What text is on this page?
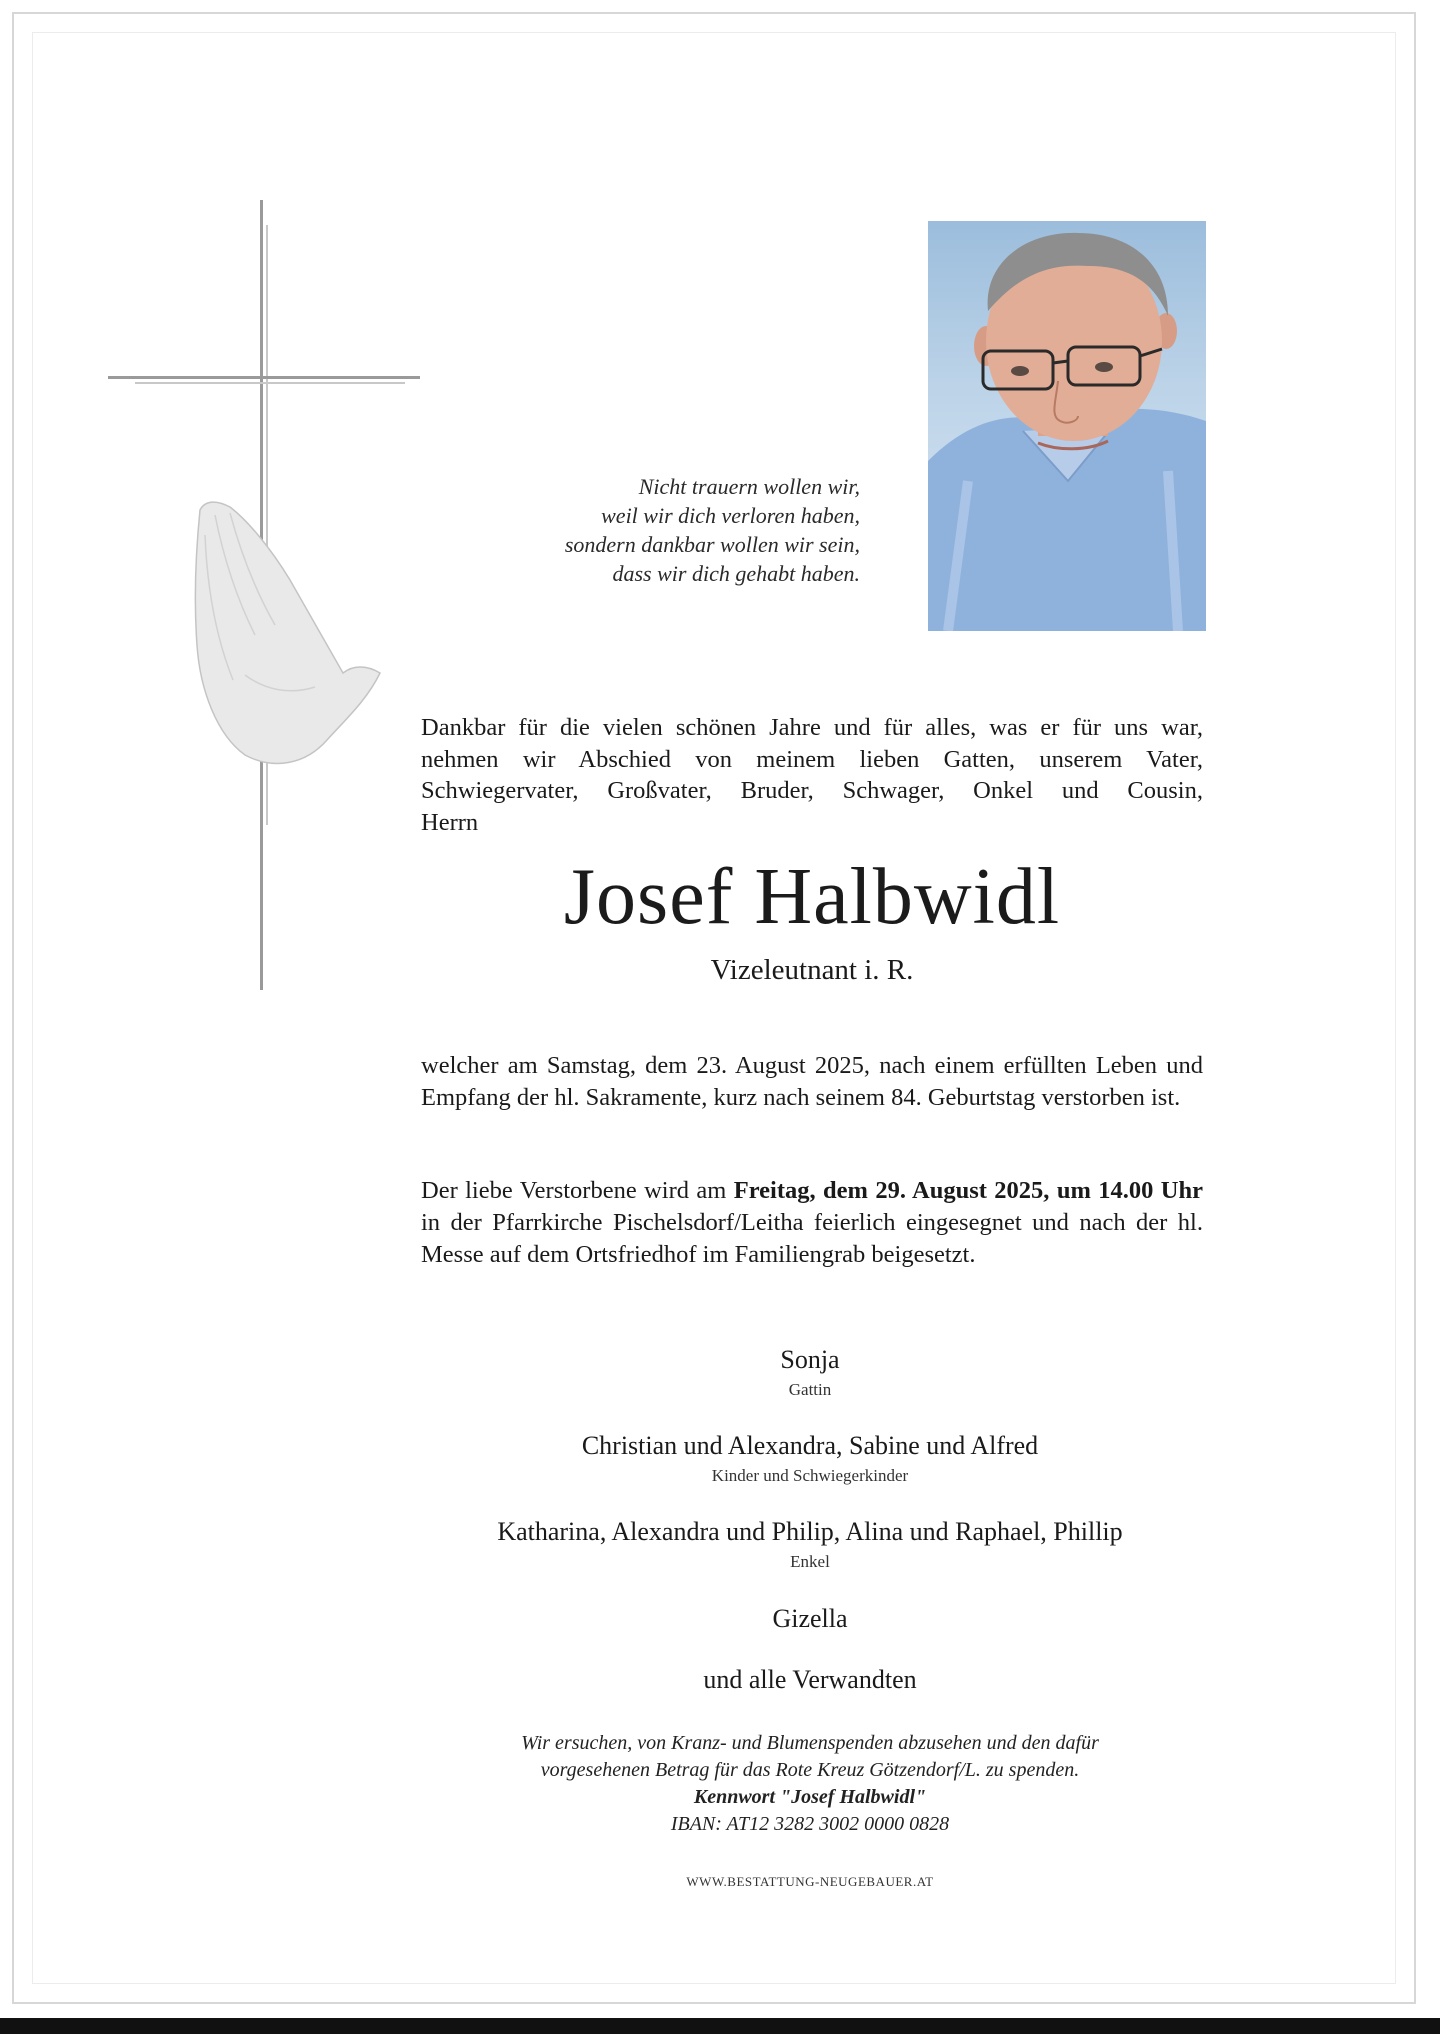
Nicht trauern wollen wir,
weil wir dich verloren haben,
sondern dankbar wollen wir sein,
dass wir dich gehabt haben.
Dankbar für die vielen schönen Jahre und für alles, was er für uns war,
nehmen wir Abschied von meinem lieben Gatten, unserem Vater,
Schwiegervater, Großvater, Bruder, Schwager, Onkel und Cousin,
Herrn
Josef Halbwidl
Vizeleutnant i. R.
welcher am Samstag, dem 23. August 2025, nach einem erfüllten Leben und Empfang der hl. Sakramente, kurz nach seinem 84. Geburtstag verstorben ist.
Der liebe Verstorbene wird am Freitag, dem 29. August 2025, um 14.00 Uhr in der Pfarrkirche Pischelsdorf/Leitha feierlich eingesegnet und nach der hl. Messe auf dem Ortsfriedhof im Familiengrab beigesetzt.
Sonja
Gattin
Christian und Alexandra, Sabine und Alfred
Kinder und Schwiegerkinder
Katharina, Alexandra und Philip, Alina und Raphael, Phillip
Enkel
Gizella
und alle Verwandten
Wir ersuchen, von Kranz- und Blumenspenden abzusehen und den dafür
vorgesehenen Betrag für das Rote Kreuz Götzendorf/L. zu spenden.
Kennwort "Josef Halbwidl"
IBAN: AT12 3282 3002 0000 0828
WWW.BESTATTUNG-NEUGEBAUER.AT
